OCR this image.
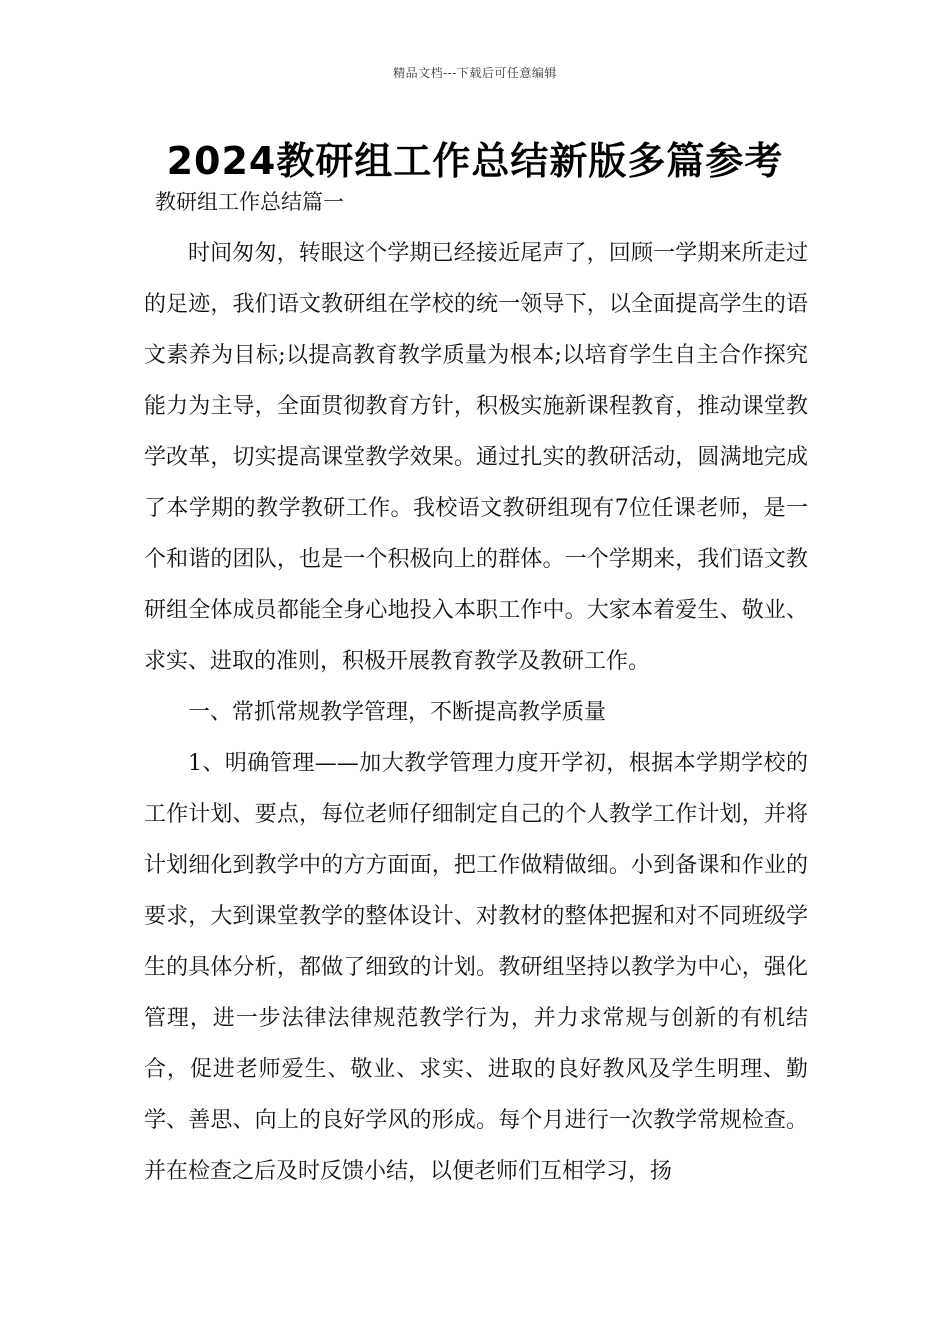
精品文档---下载后可任意编辑
2024教研组工作总结新版多篇参考
教研组工作总结篇一

时间匆匆，转眼这个学期已经接近尾声了，回顾一学期来所走过的足迹，我们语文教研组在学校的统一领导下，以全面提高学生的语文素养为目标;以提高教育教学质量为根本;以培育学生自主合作探究能力为主导，全面贯彻教育方针，积极实施新课程教育，推动课堂教学改革，切实提高课堂教学效果。通过扎实的教研活动，圆满地完成了本学期的教学教研工作。我校语文教研组现有7位任课老师，是一个和谐的团队，也是一个积极向上的群体。一个学期来，我们语文教研组全体成员都能全身心地投入本职工作中。大家本着爱生、敬业、求实、进取的准则，积极开展教育教学及教研工作。

一、常抓常规教学管理，不断提高教学质量

1、明确管理——加大教学管理力度开学初，根据本学期学校的工作计划、要点，每位老师仔细制定自己的个人教学工作计划，并将计划细化到教学中的方方面面，把工作做精做细。小到备课和作业的要求，大到课堂教学的整体设计、对教材的整体把握和对不同班级学生的具体分析，都做了细致的计划。教研组坚持以教学为中心，强化管理，进一步法律法律规范教学行为，并力求常规与创新的有机结合，促进老师爱生、敬业、求实、进取的良好教风及学生明理、勤学、善思、向上的良好学风的形成。每个月进行一次教学常规检查。并在检查之后及时反馈小结，以便老师们互相学习，扬
